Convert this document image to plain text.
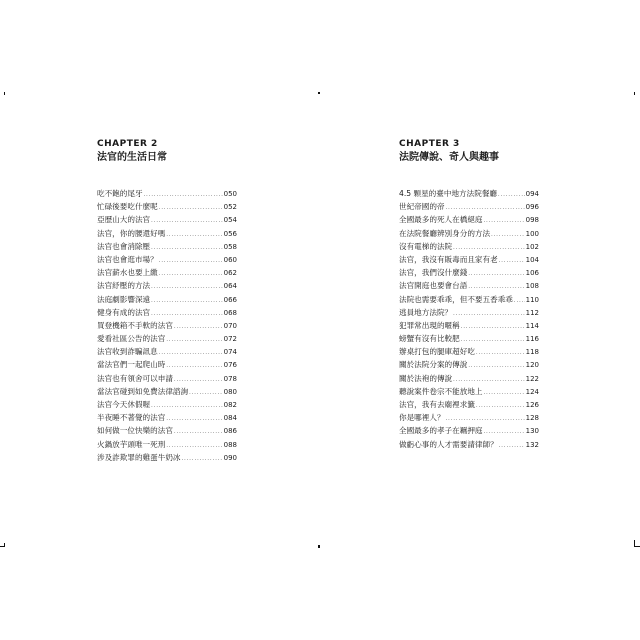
CHAPTER 2
法官的生活日常
吃不飽的尾牙 .....	050
忙碌後要吃什麼呢 .....	052
亞歷山大的法官 .....	054
法官，你的腰還好嗎 .....	056
法官也會消除壓 .....	058
法官也會逛市場？ .....	060
法官薪水也要上繳 .....	062
法官紓壓的方法 .....	064
法庭劇影響深遠 .....	066
健身有成的法官 .....	068
買登機箱不手軟的法官 .....	070
愛看社區公告的法官 .....	072
法官收到詐騙訊息 .....	074
當法官們一起爬山時 .....	076
法官也有領舍可以申請 .....	078
當法官碰到如免費法律諮詢 .....	080
法官今天休假喔 .....	082
半夜睡不著覺的法官 .....	084
如何做一位快樂的法官 .....	086
火鍋放芋頭唯一死刑 .....	088
涉及詐欺罪的雞蛋牛奶冰 .....	090
CHAPTER 3
法院傳說、奇人與趣事
4.5 顆星的臺中地方法院餐廳 .....	094
世紀帝國的帝 .....	096
全國最多的死人在橋絕庭 .....	098
在法院餐廳辨別身分的方法 .....	100
沒有電梯的法院 .....	102
法官，我沒有販毒而且家有老 .....	104
法官，我們沒什麼錢 .....	106
法官開庭也要會台語 .....	108
法院也需要乖乖，但不要五香乖乖 ..... 110
逃員地方法院？ .....	112
犯罪常出現的暱稱 .....	114
螃蟹有沒有比較肥 .....	116
辦桌打包的腿庫超好吃 .....	118
關於法院分案的傳說 .....	120
關於法袍的傳說 .....	122
聽說案件卷宗不能放地上 .....	124
法官，我有去廟裡求籤 .....	126
你是哪裡人？ .....	128
全國最多的孝子在羈押庭 .....	130
做虧心事的人才需要請律師？ .....	132
